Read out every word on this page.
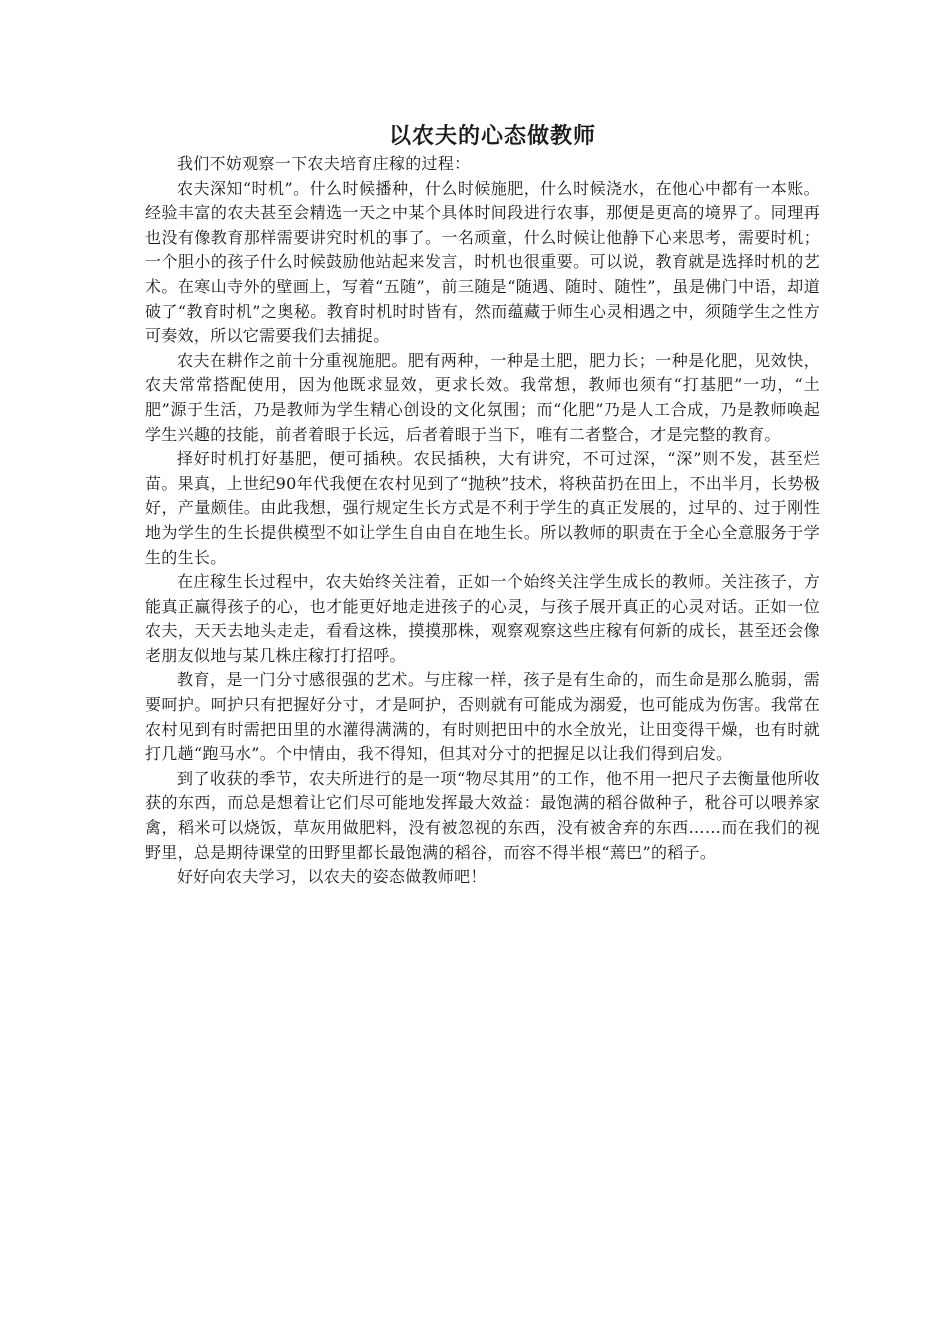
以农夫的心态做教师

我们不妨观察一下农夫培育庄稼的过程：

农夫深知“时机”。什么时候播种，什么时候施肥，什么时候浇水，在他心中都有一本账。经验丰富的农夫甚至会精选一天之中某个具体时间段进行农事，那便是更高的境界了。同理再也没有像教育那样需要讲究时机的事了。一名顽童，什么时候让他静下心来思考，需要时机；一个胆小的孩子什么时候鼓励他站起来发言，时机也很重要。可以说，教育就是选择时机的艺术。在寒山寺外的壁画上，写着“五随”，前三随是“随遇、随时、随性”，虽是佛门中语，却道破了“教育时机”之奥秘。教育时机时时皆有，然而蕴藏于师生心灵相遇之中，须随学生之性方可奏效，所以它需要我们去捕捉。

农夫在耕作之前十分重视施肥。肥有两种，一种是土肥，肥力长；一种是化肥，见效快，农夫常常搭配使用，因为他既求显效，更求长效。我常想，教师也须有“打基肥”一功，“土肥”源于生活，乃是教师为学生精心创设的文化氛围；而“化肥”乃是人工合成，乃是教师唤起学生兴趣的技能，前者着眼于长远，后者着眼于当下，唯有二者整合，才是完整的教育。

择好时机打好基肥，便可插秧。农民插秧，大有讲究，不可过深，“深”则不发，甚至烂苗。果真，上世纪90年代我便在农村见到了“抛秧”技术，将秧苗扔在田上，不出半月，长势极好，产量颇佳。由此我想，强行规定生长方式是不利于学生的真正发展的，过早的、过于刚性地为学生的生长提供模型不如让学生自由自在地生长。所以教师的职责在于全心全意服务于学生的生长。

在庄稼生长过程中，农夫始终关注着，正如一个始终关注学生成长的教师。关注孩子，方能真正赢得孩子的心，也才能更好地走进孩子的心灵，与孩子展开真正的心灵对话。正如一位农夫，天天去地头走走，看看这株，摸摸那株，观察观察这些庄稼有何新的成长，甚至还会像老朋友似地与某几株庄稼打打招呼。

教育，是一门分寸感很强的艺术。与庄稼一样，孩子是有生命的，而生命是那么脆弱，需要呵护。呵护只有把握好分寸，才是呵护，否则就有可能成为溺爱，也可能成为伤害。我常在农村见到有时需把田里的水灌得满满的，有时则把田中的水全放光，让田变得干燥，也有时就打几趟“跑马水”。个中情由，我不得知，但其对分寸的把握足以让我们得到启发。

到了收获的季节，农夫所进行的是一项“物尽其用”的工作，他不用一把尺子去衡量他所收获的东西，而总是想着让它们尽可能地发挥最大效益：最饱满的稻谷做种子，秕谷可以喂养家禽，稻米可以烧饭，草灰用做肥料，没有被忽视的东西，没有被舍弃的东西……而在我们的视野里，总是期待课堂的田野里都长最饱满的稻谷，而容不得半根“蔫巴”的稻子。

好好向农夫学习，以农夫的姿态做教师吧！
